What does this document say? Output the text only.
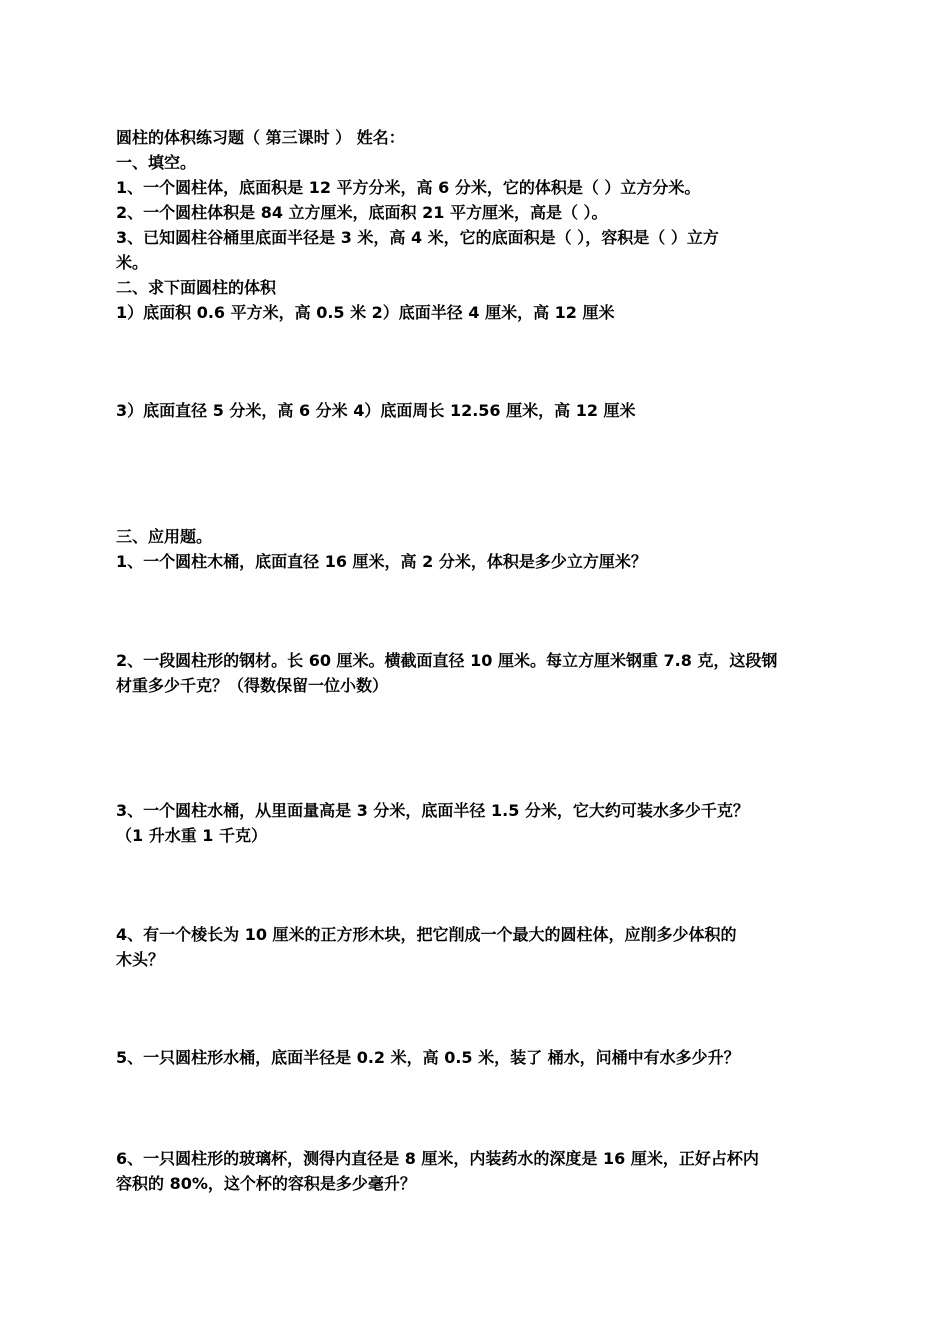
圆柱的体积练习题（ 第三课时 ） 姓名：
一、填空。
1、一个圆柱体，底面积是 12 平方分米，高 6 分米，它的体积是（ ）立方分米。
2、一个圆柱体积是 84 立方厘米，底面积 21 平方厘米，高是（ ）。
3、已知圆柱谷桶里底面半径是 3 米，高 4 米，它的底面积是（ ），容积是（ ）立方
米。
二、求下面圆柱的体积
1）底面积 0.6 平方米，高 0.5 米 2）底面半径 4 厘米，高 12 厘米
3）底面直径 5 分米，高 6 分米 4）底面周长 12.56 厘米，高 12 厘米
三、应用题。
1、一个圆柱木桶，底面直径 16 厘米，高 2 分米，体积是多少立方厘米？
2、一段圆柱形的钢材。长 60 厘米。横截面直径 10 厘米。每立方厘米钢重 7.8 克，这段钢
材重多少千克？（得数保留一位小数）
3、一个圆柱水桶，从里面量高是 3 分米，底面半径 1.5 分米，它大约可装水多少千克？
（1 升水重 1 千克）
4、有一个棱长为 10 厘米的正方形木块，把它削成一个最大的圆柱体，应削多少体积的
木头？
5、一只圆柱形水桶，底面半径是 0.2 米，高 0.5 米，装了 桶水，问桶中有水多少升？
6、一只圆柱形的玻璃杯，测得内直径是 8 厘米，内装药水的深度是 16 厘米，正好占杯内
容积的 80%，这个杯的容积是多少毫升？
